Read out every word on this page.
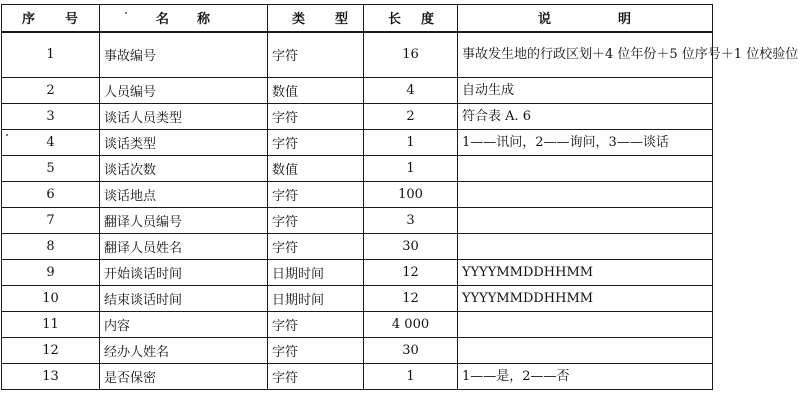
序 号	名 称	类 型	长 度	说 明

1	事故编号	字符	16	事故发生地的行政区划＋4 位年份＋5 位序号＋1 位校验位
2	人员编号	数值	4	自动生成
3	谈话人员类型	字符	2	符合表 A. 6
4	谈话类型	字符	1	1——讯问，2——询问，3——谈话
5	谈话次数	数值	1	
6	谈话地点	字符	100	
7	翻译人员编号	字符	3	
8	翻译人员姓名	字符	30	
9	开始谈话时间	日期时间	12	YYYYMMDDHHMM
10	结束谈话时间	日期时间	12	YYYYMMDDHHMM
11	内容	字符	4 000	
12	经办人姓名	字符	30	
13	是否保密	字符	1	1——是，2——否
